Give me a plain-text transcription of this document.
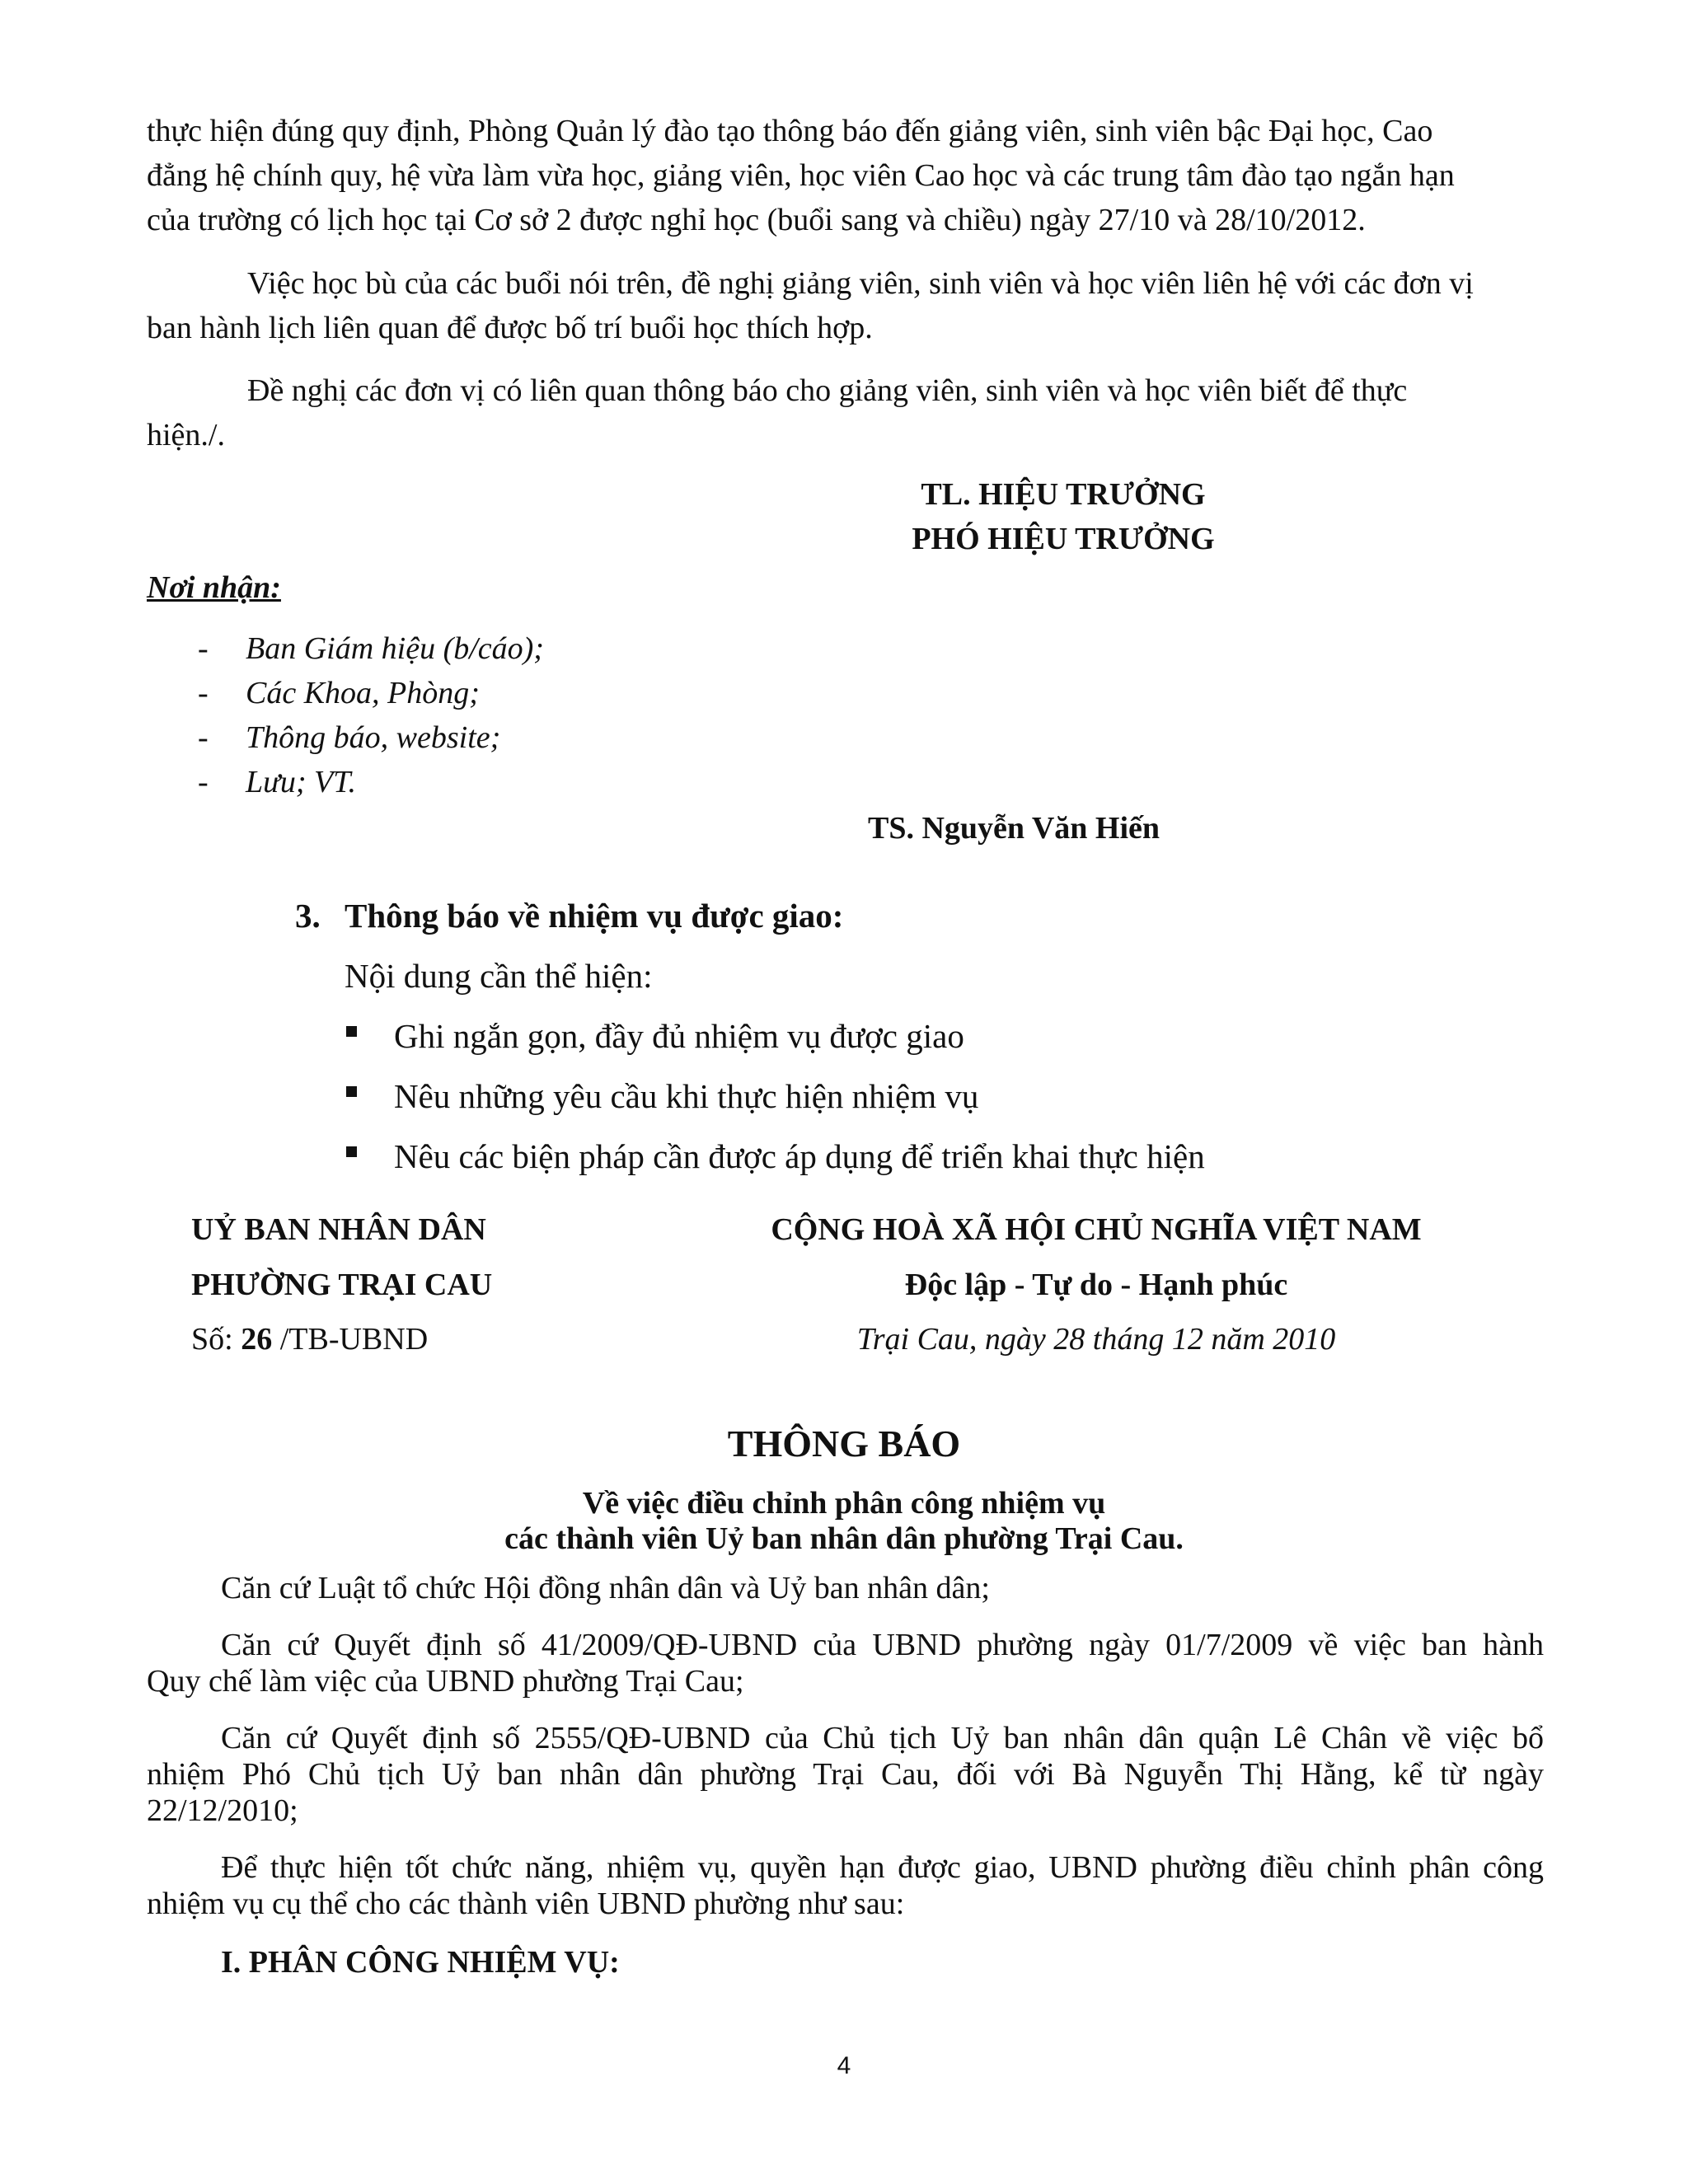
thực hiện đúng quy định, Phòng Quản lý đào tạo thông báo đến giảng viên, sinh viên bậc Đại học, Cao
đẳng hệ chính quy, hệ vừa làm vừa học, giảng viên, học viên Cao học và các trung tâm đào tạo ngắn hạn
của trường có lịch học tại Cơ sở 2 được nghỉ học (buổi sang và chiều) ngày 27/10 và 28/10/2012.
Việc học bù của các buổi nói trên, đề nghị giảng viên, sinh viên và học viên liên hệ với các đơn vị
ban hành lịch liên quan để được bố trí buổi học thích hợp.
Đề nghị các đơn vị có liên quan thông báo cho giảng viên, sinh viên và học viên biết để thực
hiện./.
TL. HIỆU TRƯỞNG
PHÓ HIỆU TRƯỞNG
TS. Nguyễn Văn Hiến
Nơi nhận:
- Ban Giám hiệu (b/cáo);
- Các Khoa, Phòng;
- Thông báo, website;
- Lưu; VT.
3. Thông báo về nhiệm vụ được giao:
Nội dung cần thể hiện:
Ghi ngắn gọn, đầy đủ nhiệm vụ được giao
Nêu những yêu cầu khi thực hiện nhiệm vụ
Nêu các biện pháp cần được áp dụng để triển khai thực hiện
UỶ BAN NHÂN DÂN
PHƯỜNG TRẠI CAU
Số: 26 /TB-UBND
CỘNG HOÀ XÃ HỘI CHỦ NGHĨA VIỆT NAM
Độc lập - Tự do - Hạnh phúc
Trại Cau, ngày 28 tháng 12 năm 2010
THÔNG BÁO
Về việc điều chỉnh phân công nhiệm vụ
các thành viên Uỷ ban nhân dân phường Trại Cau.
Căn cứ Luật tổ chức Hội đồng nhân dân và Uỷ ban nhân dân;
Căn cứ Quyết định số 41/2009/QĐ-UBND của UBND phường ngày 01/7/2009 về việc ban hành
Quy chế làm việc của UBND phường Trại Cau;
Căn cứ Quyết định số 2555/QĐ-UBND của Chủ tịch Uỷ ban nhân dân quận Lê Chân về việc bổ
nhiệm Phó Chủ tịch Uỷ ban nhân dân phường Trại Cau, đối với Bà Nguyễn Thị Hằng, kể từ ngày
22/12/2010;
Để thực hiện tốt chức năng, nhiệm vụ, quyền hạn được giao, UBND phường điều chỉnh phân công
nhiệm vụ cụ thể cho các thành viên UBND phường như sau:
I. PHÂN CÔNG NHIỆM VỤ:
4
